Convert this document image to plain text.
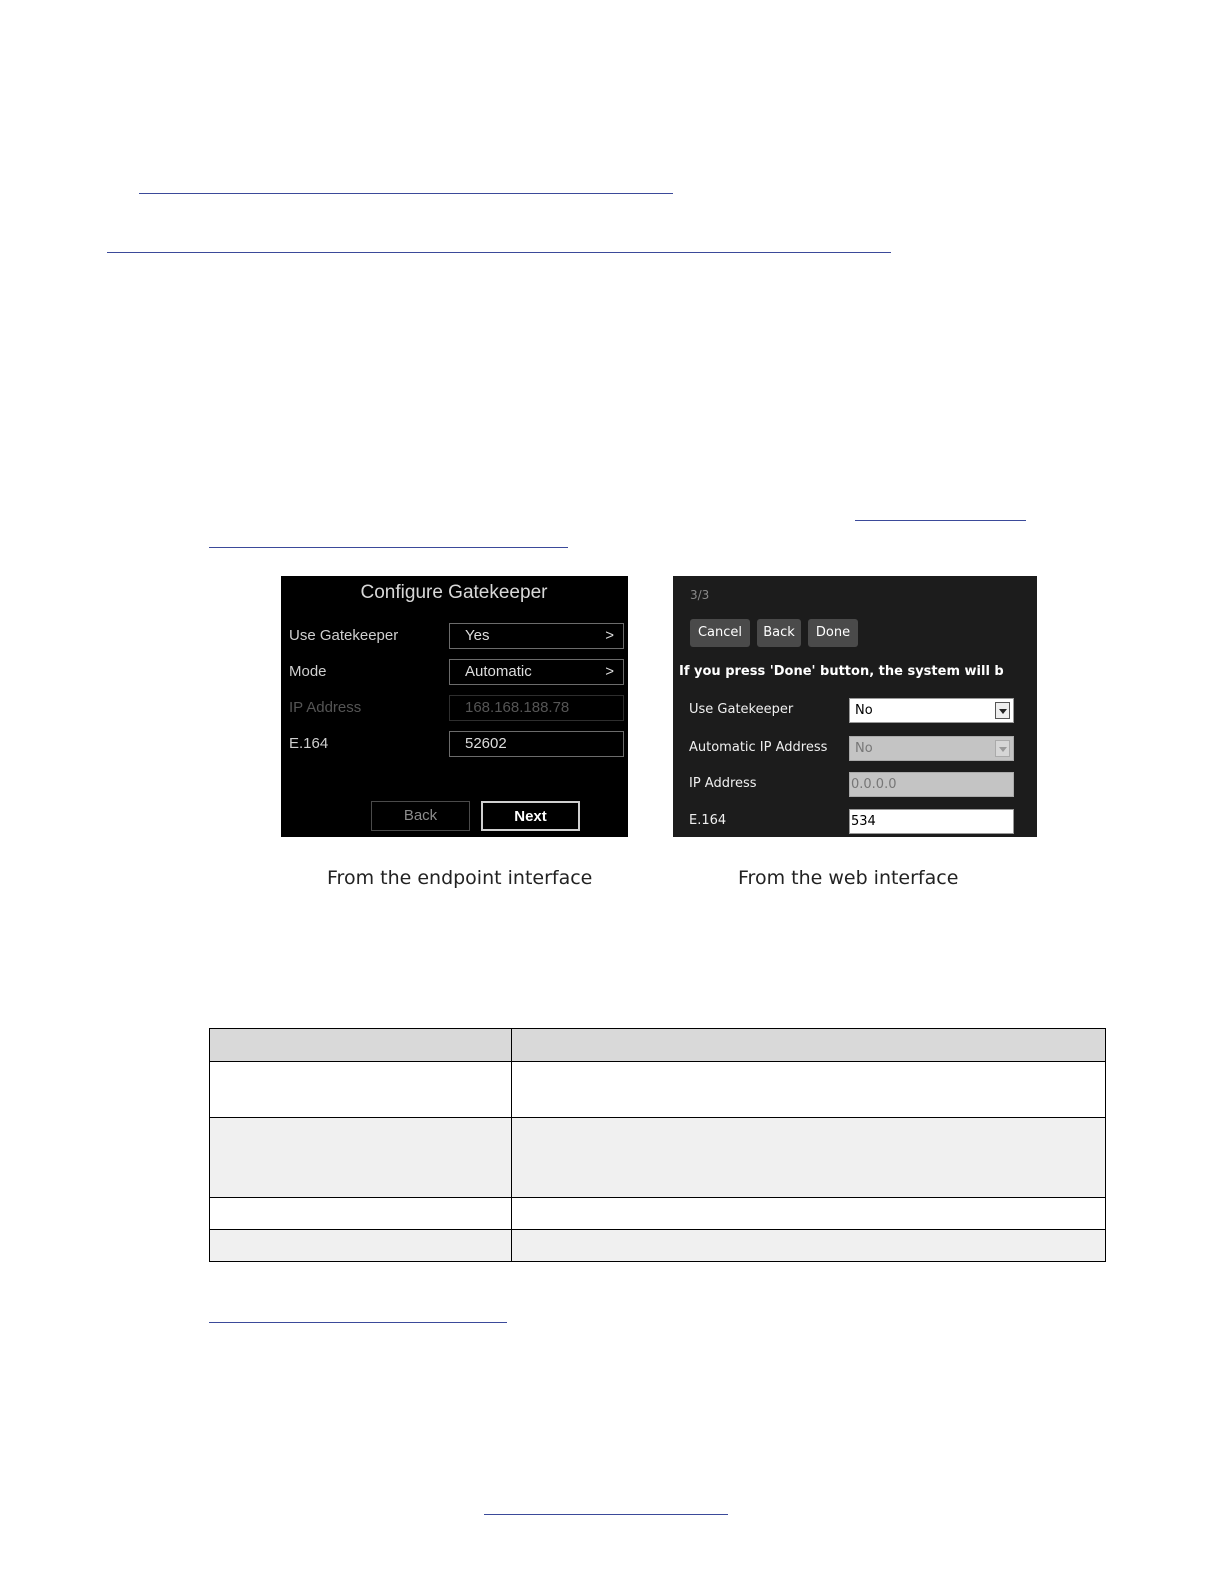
Configure Gatekeeper
Use Gatekeeper	Yes	>
Mode	Automatic	>
IP Address	168.168.188.78
E.164	52602
Back	Next
3/3
Cancel	Back	Done
If you press 'Done' button, the system will b
Use Gatekeeper	No
Automatic IP Address	No
IP Address	0.0.0.0
E.164	534
From the endpoint interface	From the web interface
